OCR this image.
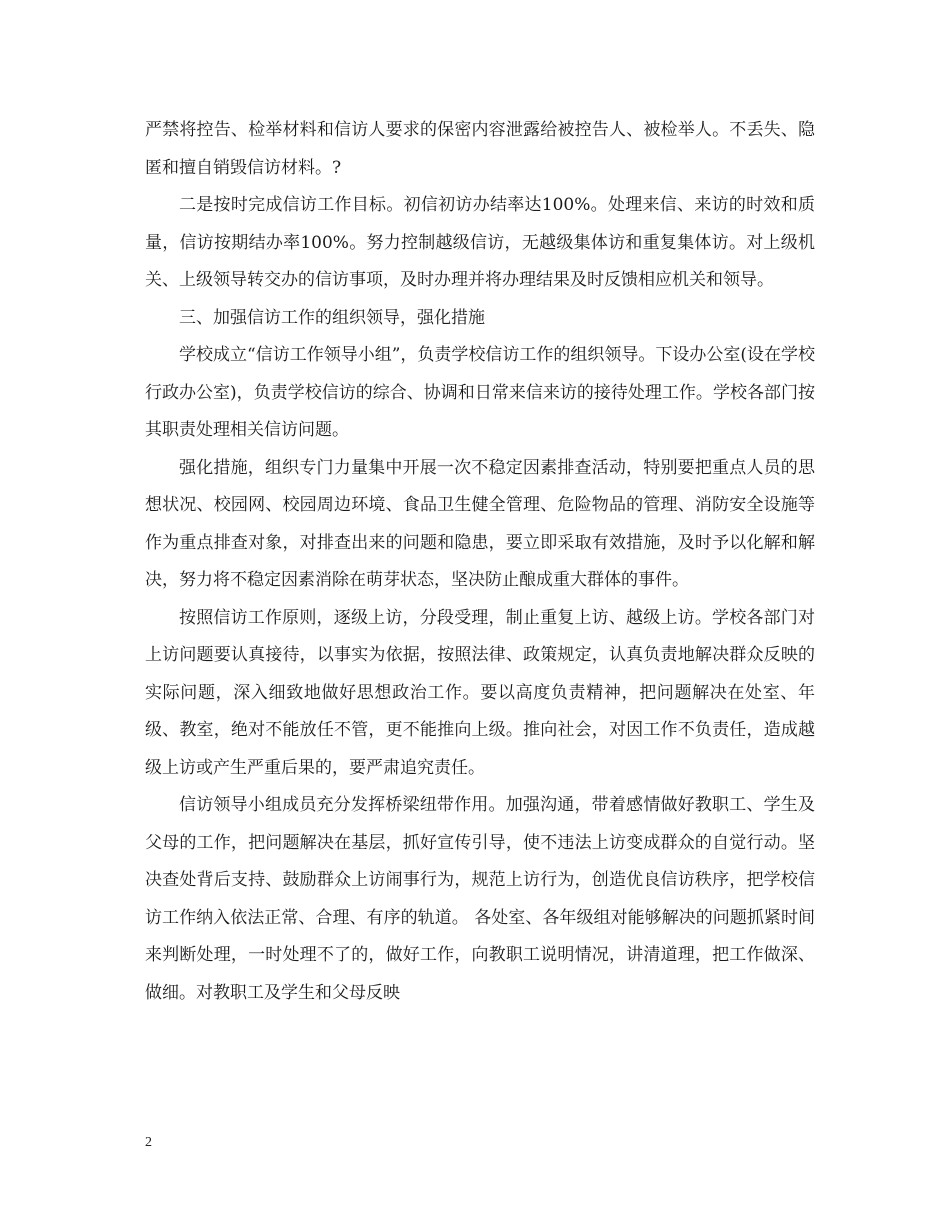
严禁将控告、检举材料和信访人要求的保密内容泄露给被控告人、被检举人。不丢失、隐匿和擅自销毁信访材料。?

二是按时完成信访工作目标。初信初访办结率达100%。处理来信、来访的时效和质量，信访按期结办率100%。努力控制越级信访，无越级集体访和重复集体访。对上级机关、上级领导转交办的信访事项，及时办理并将办理结果及时反馈相应机关和领导。

三、加强信访工作的组织领导，强化措施

学校成立“信访工作领导小组”，负责学校信访工作的组织领导。下设办公室(设在学校行政办公室)，负责学校信访的综合、协调和日常来信来访的接待处理工作。学校各部门按其职责处理相关信访问题。

强化措施，组织专门力量集中开展一次不稳定因素排查活动，特别要把重点人员的思想状况、校园网、校园周边环境、食品卫生健全管理、危险物品的管理、消防安全设施等作为重点排查对象，对排查出来的问题和隐患，要立即采取有效措施，及时予以化解和解决，努力将不稳定因素消除在萌芽状态，坚决防止酿成重大群体的事件。

按照信访工作原则，逐级上访，分段受理，制止重复上访、越级上访。学校各部门对上访问题要认真接待，以事实为依据，按照法律、政策规定，认真负责地解决群众反映的实际问题，深入细致地做好思想政治工作。要以高度负责精神，把问题解决在处室、年级、教室，绝对不能放任不管，更不能推向上级。推向社会，对因工作不负责任，造成越级上访或产生严重后果的，要严肃追究责任。

信访领导小组成员充分发挥桥梁纽带作用。加强沟通，带着感情做好教职工、学生及父母的工作，把问题解决在基层，抓好宣传引导，使不违法上访变成群众的自觉行动。坚决查处背后支持、鼓励群众上访闹事行为，规范上访行为，创造优良信访秩序，把学校信访工作纳入依法正常、合理、有序的轨道。 各处室、各年级组对能够解决的问题抓紧时间来判断处理，一时处理不了的，做好工作，向教职工说明情况，讲清道理，把工作做深、做细。对教职工及学生和父母反映

2
